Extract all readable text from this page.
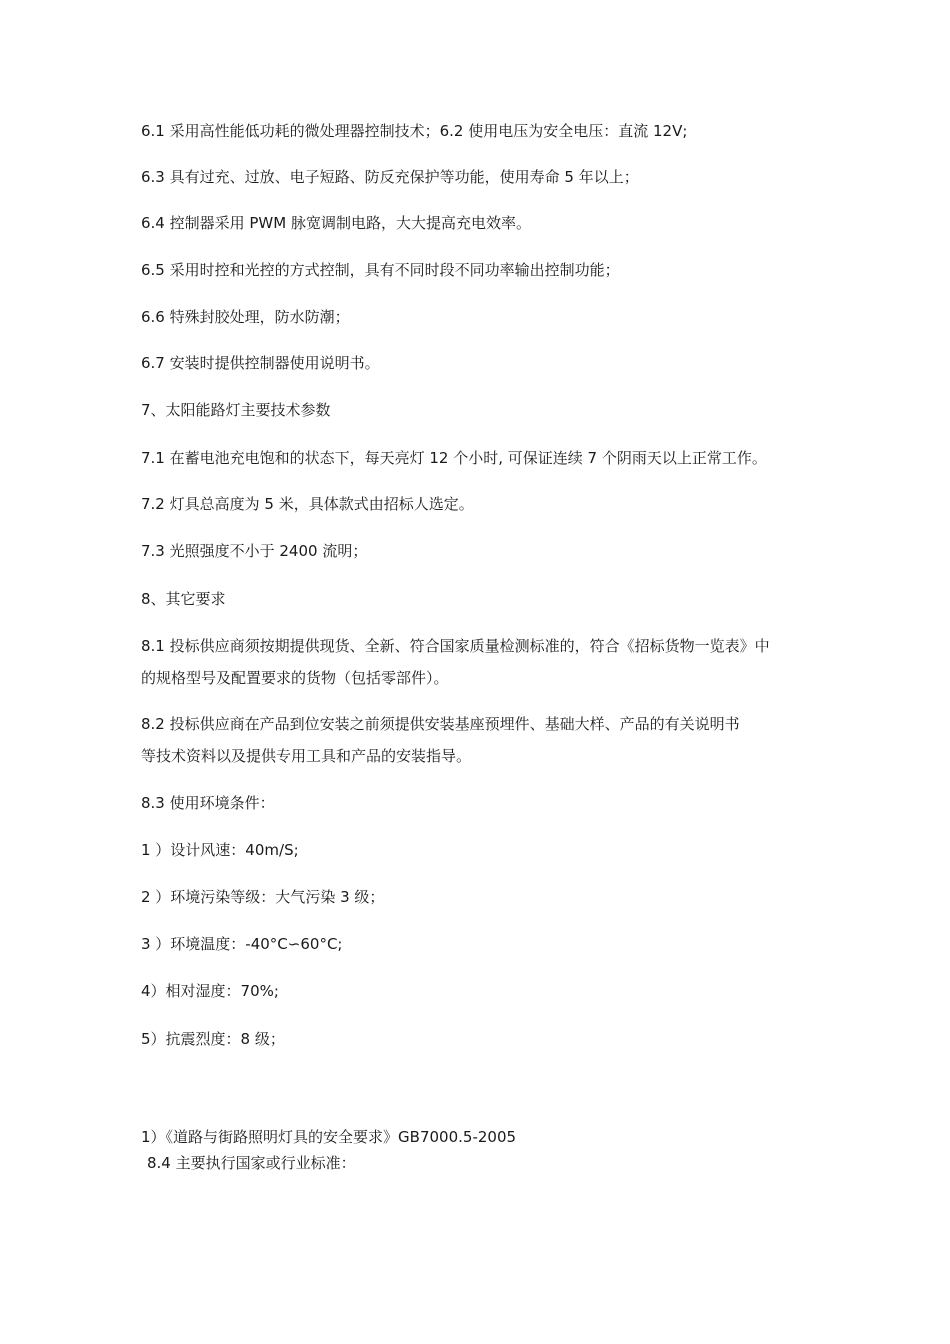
6.1 采用高性能低功耗的微处理器控制技术；6.2 使用电压为安全电压：直流 12V;
6.3 具有过充、过放、电子短路、防反充保护等功能，使用寿命 5 年以上；
6.4 控制器采用 PWM 脉宽调制电路，大大提高充电效率。
6.5 采用时控和光控的方式控制，具有不同时段不同功率输出控制功能；
6.6 特殊封胶处理，防水防潮；
6.7 安装时提供控制器使用说明书。
7、太阳能路灯主要技术参数
7.1 在蓄电池充电饱和的状态下，每天亮灯 12 个小时, 可保证连续 7 个阴雨天以上正常工作。
7.2 灯具总高度为 5 米，具体款式由招标人选定。
7.3 光照强度不小于 2400 流明；
8、其它要求
8.1 投标供应商须按期提供现货、全新、符合国家质量检测标准的，符合《招标货物一览表》中
的规格型号及配置要求的货物（包括零部件）。
8.2 投标供应商在产品到位安装之前须提供安装基座预埋件、基础大样、产品的有关说明书
等技术资料以及提供专用工具和产品的安装指导。
8.3 使用环境条件：
1 ）设计风速：40m/S;
2 ）环境污染等级：大气污染 3 级；
3 ）环境温度：-40°C∽60°C;
4）相对湿度：70%;
5）抗震烈度：8 级；
1）《道路与街路照明灯具的安全要求》GB7000.5-2005
8.4 主要执行国家或行业标准：
